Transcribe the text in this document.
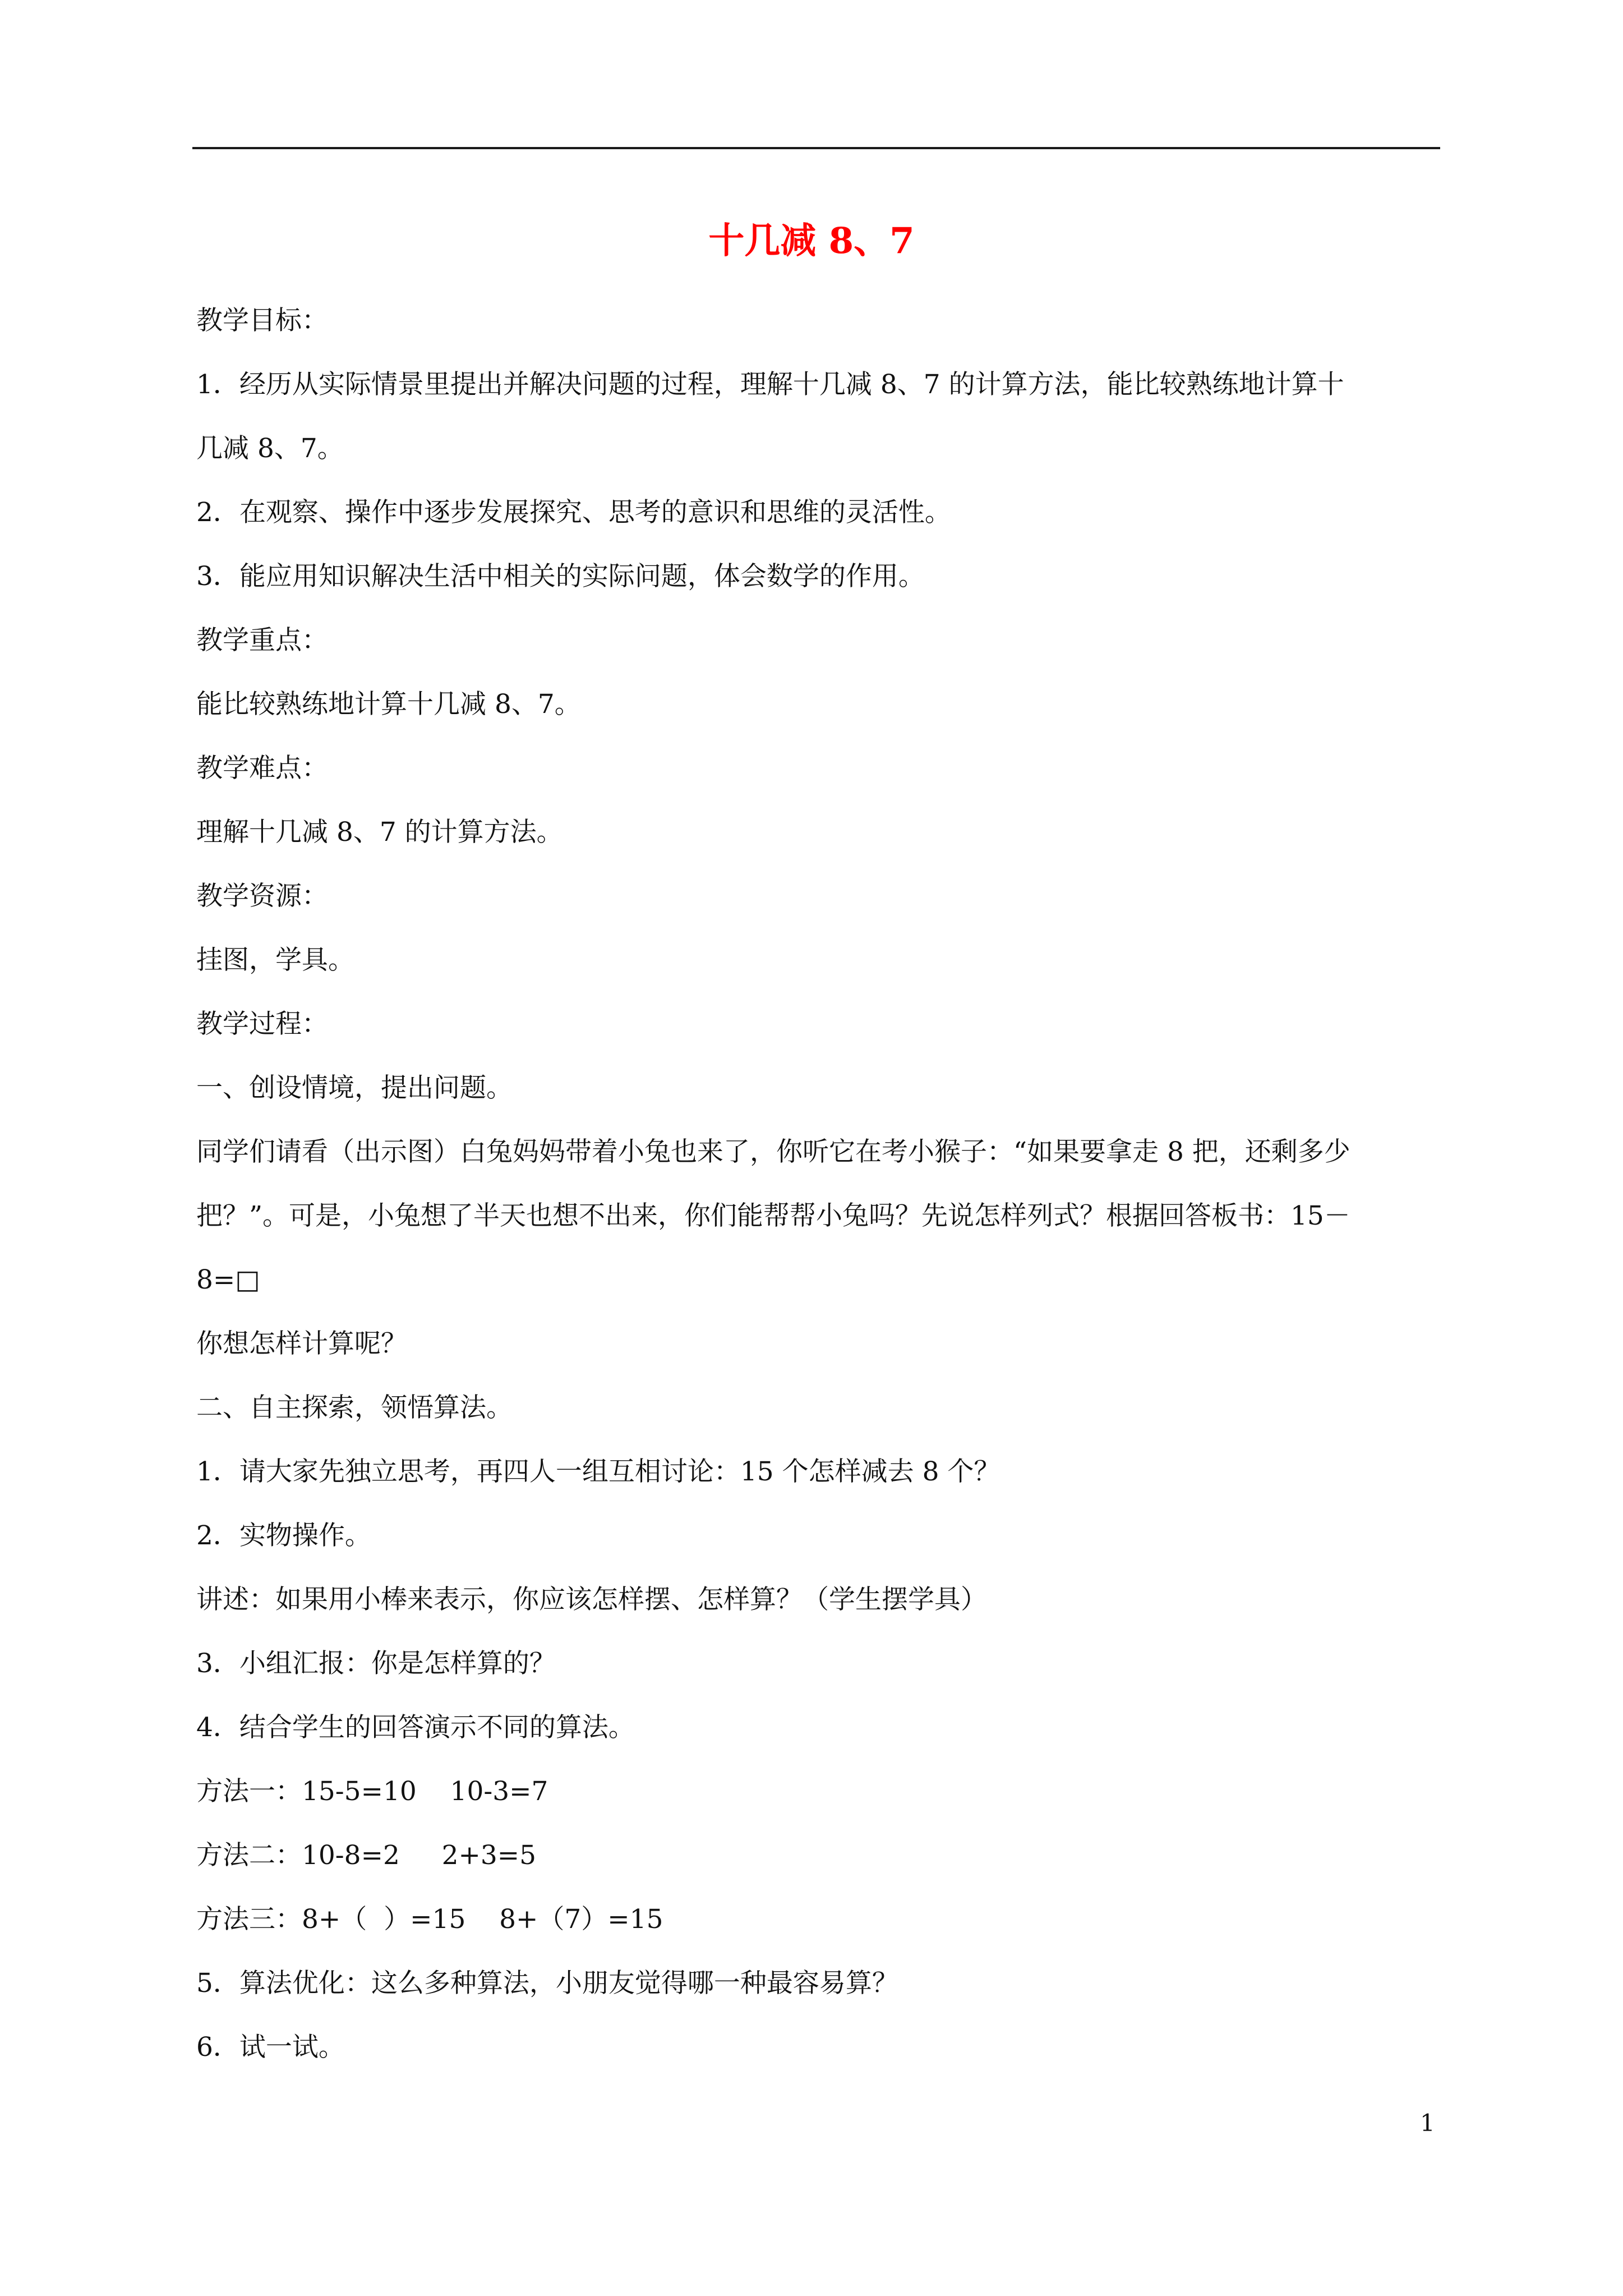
十几减 8、7

教学目标：

1．经历从实际情景里提出并解决问题的过程，理解十几减 8、7 的计算方法，能比较熟练地计算十

几减 8、7。

2．在观察、操作中逐步发展探究、思考的意识和思维的灵活性。

3．能应用知识解决生活中相关的实际问题，体会数学的作用。

教学重点：

能比较熟练地计算十几减 8、7。

教学难点：

理解十几减 8、7 的计算方法。

教学资源：

挂图，学具。

教学过程：

一、创设情境，提出问题。

同学们请看（出示图）白兔妈妈带着小兔也来了，你听它在考小猴子：“如果要拿走 8 把，还剩多少

把？”。可是，小兔想了半天也想不出来，你们能帮帮小兔吗？先说怎样列式？根据回答板书：15－

8=□

你想怎样计算呢？

二、自主探索，领悟算法。

1．请大家先独立思考，再四人一组互相讨论：15 个怎样减去 8 个？

2．实物操作。

讲述：如果用小棒来表示，你应该怎样摆、怎样算？（学生摆学具）

3．小组汇报：你是怎样算的？

4．结合学生的回答演示不同的算法。

方法一：15-5=10    10-3=7

方法二：10-8=2     2+3=5

方法三：8+（  ）=15    8+（7）=15

5．算法优化：这么多种算法，小朋友觉得哪一种最容易算？

6．试一试。

1
